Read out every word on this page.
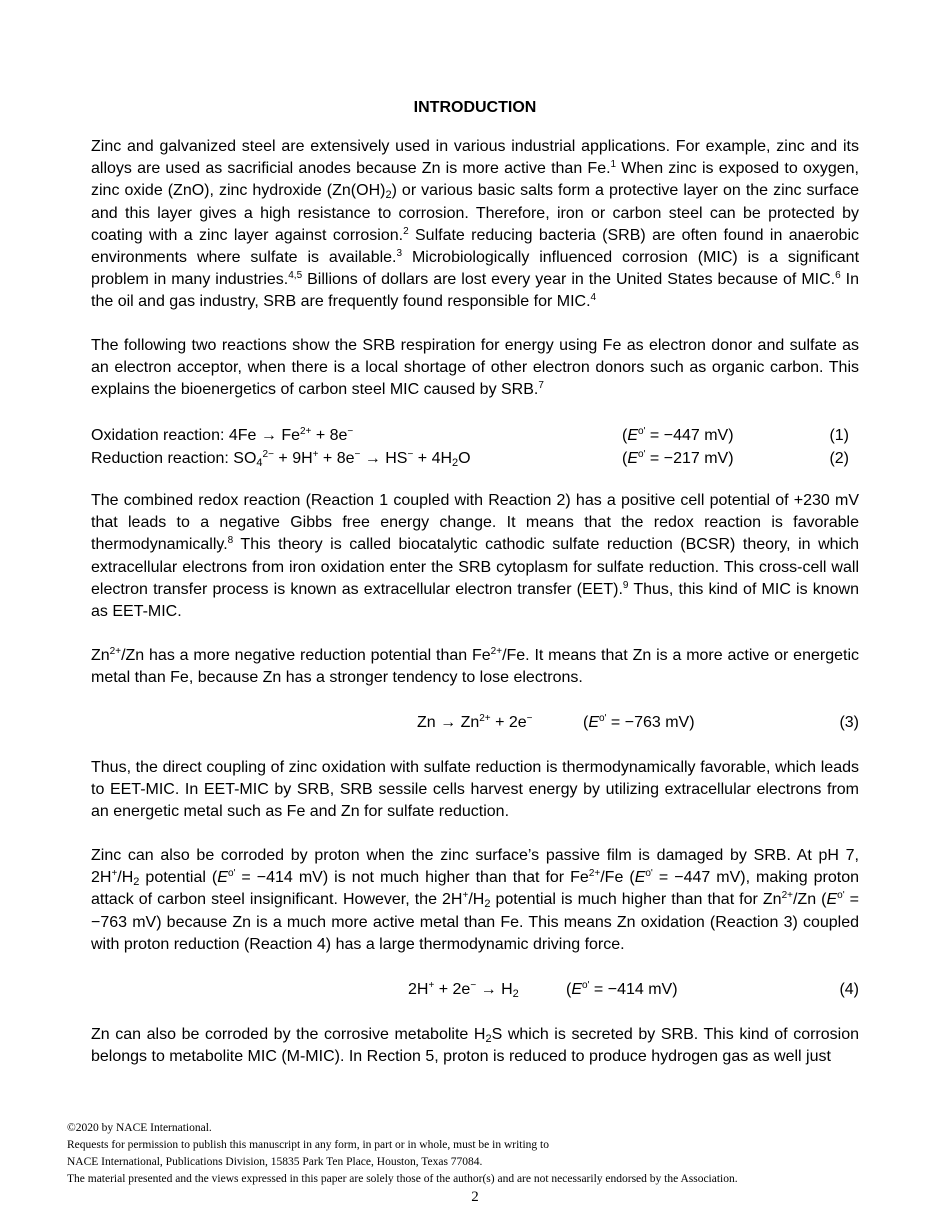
INTRODUCTION

Zinc and galvanized steel are extensively used in various industrial applications. For example, zinc and its alloys are used as sacrificial anodes because Zn is more active than Fe.$^1$ When zinc is exposed to oxygen, zinc oxide (ZnO), zinc hydroxide $(Zn(OH)_2)$ or various basic salts form a protective layer on the zinc surface and this layer gives a high resistance to corrosion. Therefore, iron or carbon steel can be protected by coating with a zinc layer against corrosion.$^2$ Sulfate reducing bacteria (SRB) are often found in anaerobic environments where sulfate is available.$^3$ Microbiologically influenced corrosion (MIC) is a significant problem in many industries.$^{4,5}$ Billions of dollars are lost every year in the United States because of MIC.$^6$ In the oil and gas industry, SRB are frequently found responsible for MIC.$^4$

The following two reactions show the SRB respiration for energy using Fe as electron donor and sulfate as an electron acceptor, when there is a local shortage of other electron donors such as organic carbon. This explains the bioenergetics of carbon steel MIC caused by SRB.$^7$

Oxidation reaction: $4Fe \to Fe^{2+} + 8e^-$	($E^{o'} = -447$ mV)	(1)
Reduction reaction: $SO_4^{2-} + 9H^+ + 8e^- \to HS^- + 4H_2O$	($E^{o'} = -217$ mV)	(2)

The combined redox reaction (Reaction 1 coupled with Reaction 2) has a positive cell potential of +230 mV that leads to a negative Gibbs free energy change. It means that the redox reaction is favorable thermodynamically.$^8$ This theory is called biocatalytic cathodic sulfate reduction (BCSR) theory, in which extracellular electrons from iron oxidation enter the SRB cytoplasm for sulfate reduction. This cross-cell wall electron transfer process is known as extracellular electron transfer (EET).$^9$ Thus, this kind of MIC is known as EET-MIC.

$Zn^{2+}/Zn$ has a more negative reduction potential than $Fe^{2+}/Fe$. It means that Zn is a more active or energetic metal than Fe, because Zn has a stronger tendency to lose electrons.

$Zn \to Zn^{2+} + 2e^-$	($E^{o'} = -763$ mV)	(3)

Thus, the direct coupling of zinc oxidation with sulfate reduction is thermodynamically favorable, which leads to EET-MIC. In EET-MIC by SRB, SRB sessile cells harvest energy by utilizing extracellular electrons from an energetic metal such as Fe and Zn for sulfate reduction.

Zinc can also be corroded by proton when the zinc surface’s passive film is damaged by SRB. At pH 7, $2H^+/H_2$ potential ($E^{o'} = -414$ mV) is not much higher than that for $Fe^{2+}/Fe$ ($E^{o'} = -447$ mV), making proton attack of carbon steel insignificant. However, the $2H^+/H_2$ potential is much higher than that for $Zn^{2+}/Zn$ ($E^{o'} = -763$ mV) because Zn is a much more active metal than Fe. This means Zn oxidation (Reaction 3) coupled with proton reduction (Reaction 4) has a large thermodynamic driving force.

$2H^+ + 2e^- \to H_2$	($E^{o'} = -414$ mV)	(4)

Zn can also be corroded by the corrosive metabolite $H_2S$ which is secreted by SRB. This kind of corrosion belongs to metabolite MIC (M-MIC). In Rection 5, proton is reduced to produce hydrogen gas as well just

©2020 by NACE International.
Requests for permission to publish this manuscript in any form, in part or in whole, must be in writing to
NACE International, Publications Division, 15835 Park Ten Place, Houston, Texas 77084.
The material presented and the views expressed in this paper are solely those of the author(s) and are not necessarily endorsed by the Association.
2
